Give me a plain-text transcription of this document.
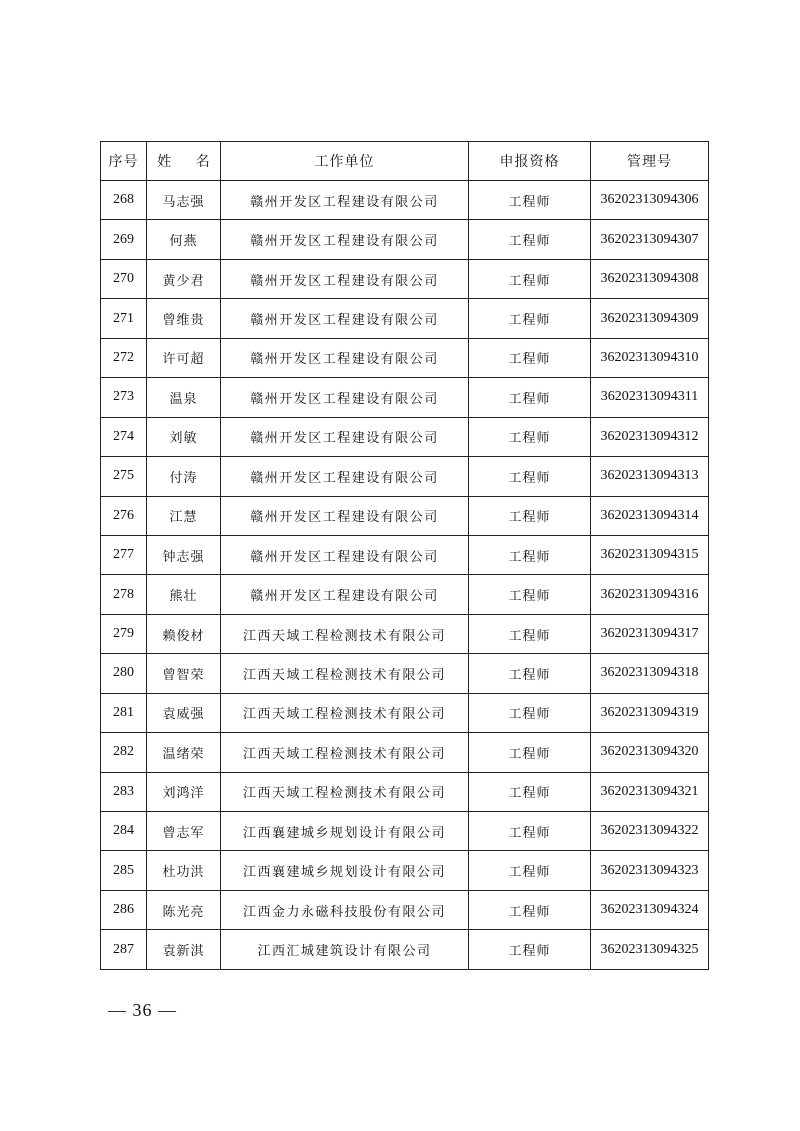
序号	姓 名	工作单位	申报资格	管理号
268	马志强	赣州开发区工程建设有限公司	工程师	36202313094306
269	何燕	赣州开发区工程建设有限公司	工程师	36202313094307
270	黄少君	赣州开发区工程建设有限公司	工程师	36202313094308
271	曾维贵	赣州开发区工程建设有限公司	工程师	36202313094309
272	许可超	赣州开发区工程建设有限公司	工程师	36202313094310
273	温泉	赣州开发区工程建设有限公司	工程师	36202313094311
274	刘敏	赣州开发区工程建设有限公司	工程师	36202313094312
275	付涛	赣州开发区工程建设有限公司	工程师	36202313094313
276	江慧	赣州开发区工程建设有限公司	工程师	36202313094314
277	钟志强	赣州开发区工程建设有限公司	工程师	36202313094315
278	熊壮	赣州开发区工程建设有限公司	工程师	36202313094316
279	赖俊材	江西天域工程检测技术有限公司	工程师	36202313094317
280	曾智荣	江西天域工程检测技术有限公司	工程师	36202313094318
281	袁威强	江西天域工程检测技术有限公司	工程师	36202313094319
282	温绪荣	江西天域工程检测技术有限公司	工程师	36202313094320
283	刘鸿洋	江西天域工程检测技术有限公司	工程师	36202313094321
284	曾志军	江西襄建城乡规划设计有限公司	工程师	36202313094322
285	杜功洪	江西襄建城乡规划设计有限公司	工程师	36202313094323
286	陈光亮	江西金力永磁科技股份有限公司	工程师	36202313094324
287	袁新淇	江西汇城建筑设计有限公司	工程师	36202313094325
— 36 —
